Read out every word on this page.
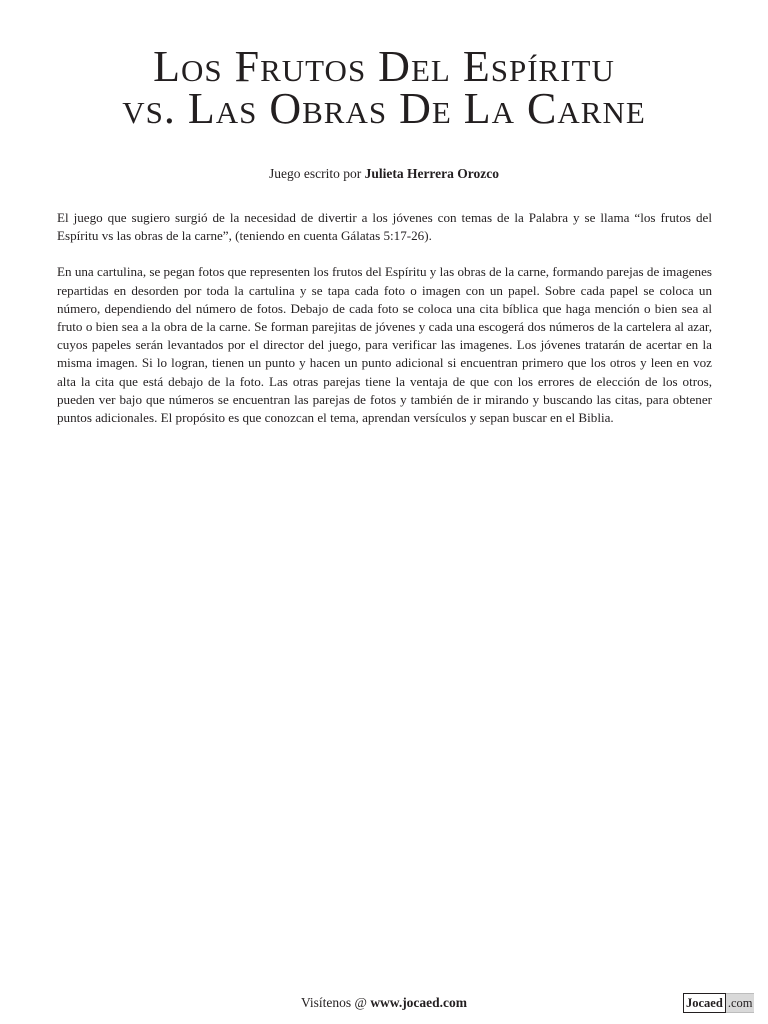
Los Frutos Del Espíritu
vs. Las Obras De La Carne
Juego escrito por Julieta Herrera Orozco

El juego que sugiero surgió de la necesidad de divertir a los jóvenes con temas de la Palabra y se llama “los frutos del Espíritu vs las obras de la carne”, (teniendo en cuenta Gálatas 5:17-26).

En una cartulina, se pegan fotos que representen los frutos del Espíritu y las obras de la carne, formando parejas de imagenes repartidas en desorden por toda la cartulina y se tapa cada foto o imagen con un papel. Sobre cada papel se coloca un número, dependiendo del número de fotos. Debajo de cada foto se coloca una cita bíblica que haga mención o bien sea al fruto o bien sea a la obra de la carne. Se forman parejitas de jóvenes y cada una escogerá dos números de la cartelera al azar, cuyos papeles serán levantados por el director del juego, para verificar las imagenes. Los jóvenes tratarán de acertar en la misma imagen. Si lo logran, tienen un punto y hacen un punto adicional si encuentran primero que los otros y leen en voz alta la cita que está debajo de la foto. Las otras parejas tiene la ventaja de que con los errores de elección de los otros, pueden ver bajo que números se encuentran las parejas de fotos y también de ir mirando y buscando las citas, para obtener puntos adicionales. El propósito es que conozcan el tema, aprendan versículos y sepan buscar en el Biblia.

Visítenos @ www.jocaed.com	Jocaed .com
